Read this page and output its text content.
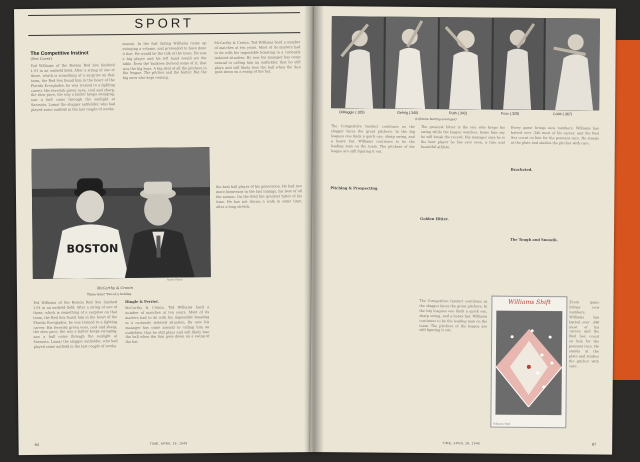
SPORT
The Competitive Instinct
(See Cover)
Ted Williams of the Boston Red Sox finished 1.91 in an outfield field. After a string of one of those, which is something of a surprise on that team, the Red Sox found him in the heart of the Florida Everglades, he was trained to a fighting career. His feverish green eyes, cool and sharp, the slow pace, the way a batter keeps swinging, saw a ball come through the sunlight at Sarasota. Lamar the slugger outfielder, who had played some outfield in the last couple of weeks.
season. In the fast fading Williams came up swinging a volume, and pretended to have done it fine. He would be the talk of the town. He was a big player and his left hand would set the table. Even the Yankees derived some of it, that was the big boys. A big deal of all the pitchers in the league. The pitcher and the batter. But the big ones who kept coming.
McCarthy & Cronin. Ted Williams hard a number of matches at ten years. Most of its matters had to do with his impossible boasting in a curiously isolated situation. By now his manager has come around to calling him an outfielder, that he still plays and will likely lose the ball when the Sun goes down on a swing of the bat.
BOSTON
Acme Photo
McCarthy & Cronin
Three-time? Two of a holiday.
the best ball player of his generation. He had two more homeruns in the last innings, his best of all the season. On the field the greatest hitter of his time. He has not drawn a walk in some time, after a long stretch.
Ted Williams of the Boston Red Sox finished 1.91 in an outfield field. After a string of one of those, which is something of a surprise on that team, the Red Sox found him in the heart of the Florida Everglades, he was trained to a fighting career. His feverish green eyes, cool and sharp, the slow pace, the way a batter keeps swinging, saw a ball come through the sunlight at Sarasota. Lamar the slugger outfielder, who had played some outfield in the last couple of weeks.
Dingle & Ferrier.
McCarthy & Cronin. Ted Williams hard a number of matches at ten years. Most of its matters had to do with his impossible boasting in a curiously isolated situation. By now his manager has come around to calling him an outfielder, that he still plays and will likely lose the ball when the Sun goes down on a swing of the bat.
64	TIME, APRIL 18, 1949
DiMaggio (.325)	Gehrig (.340)	Ruth (.342)	Foxx (.325)	Cobb (.367)
(Lifetime batting averages)
The Competitive Instinct continues as the slugger faces the great pitchers. In the big leagues one finds a quick eye, sharp swing, and a heavy bat. Williams continues to be the leading man on the team. The pitchers of the league are still figuring it out.
Pitching & Prospecting.
The greatest hitter is the one who keeps his swing while the league watches. Some fans say he will break the record. His manager says he is the best player he has ever seen, a rare and beautiful athlete.
Golden Hitter.
Every game brings new numbers. Williams has batted over .340 most of his career, and the Red Sox count on him for the pennant race. He stands at the plate and studies the pitcher with care.
Bracketed.
The Tough and Smooth.
The Competitive Instinct continues as the slugger faces the great pitchers. In the big leagues one finds a quick eye, sharp swing, and a heavy bat. Williams continues to be the leading man on the team. The pitchers of the league are still figuring it out.
Every game brings new numbers. Williams has batted over .340 most of his career, and the Red Sox count on him for the pennant race. He stands at the plate and studies the pitcher with care.
Williams Shift
Williams Shift
67
TIME, APRIL 18, 1949
